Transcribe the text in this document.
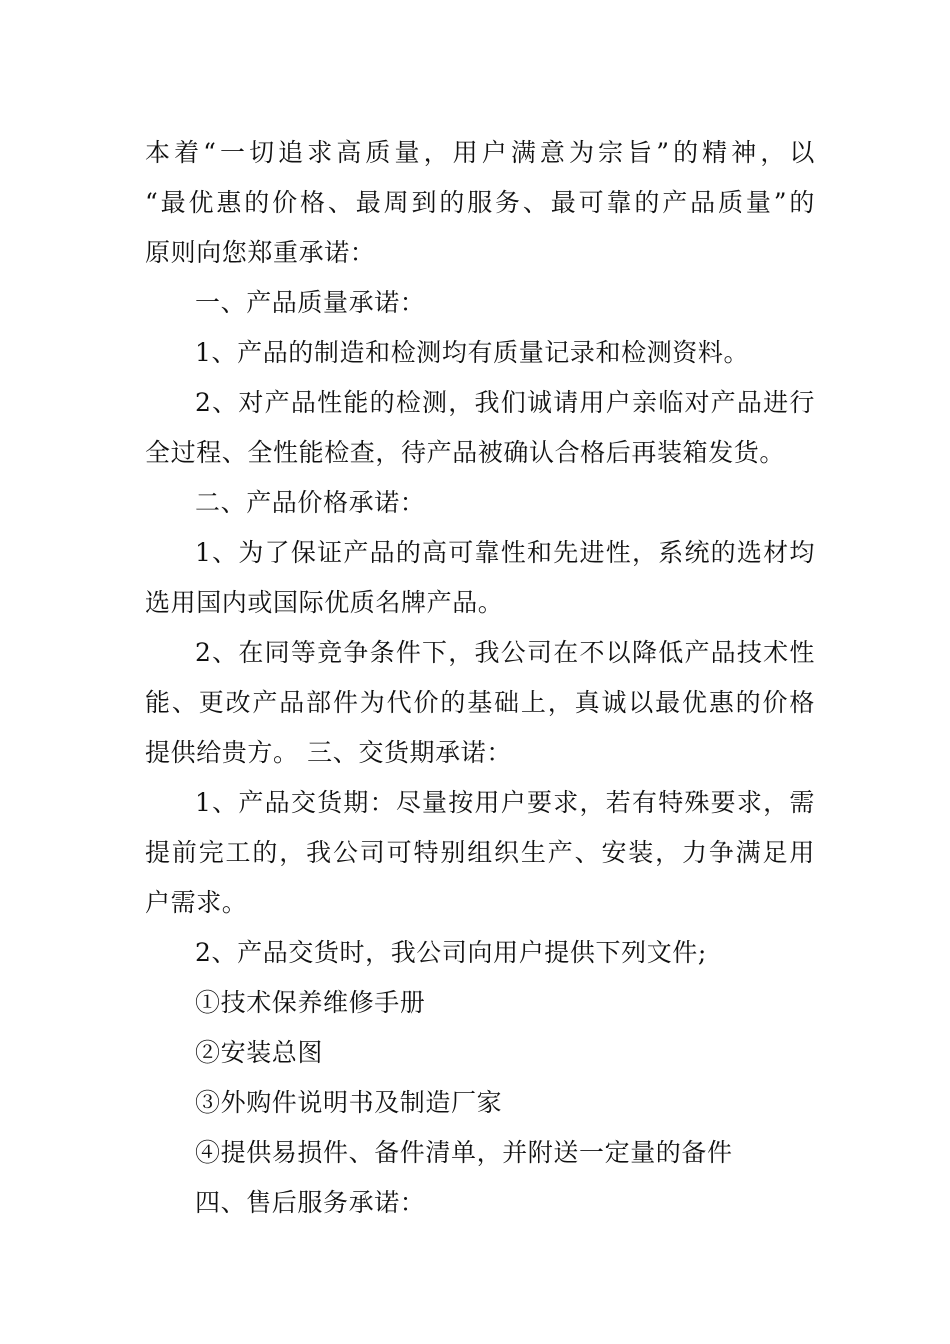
本着“一切追求高质量，用户满意为宗旨”的精神，以
“最优惠的价格、最周到的服务、最可靠的产品质量”的
原则向您郑重承诺：
一、产品质量承诺：
1、产品的制造和检测均有质量记录和检测资料。
2、对产品性能的检测，我们诚请用户亲临对产品进行
全过程、全性能检查，待产品被确认合格后再装箱发货。
二、产品价格承诺：
1、为了保证产品的高可靠性和先进性，系统的选材均
选用国内或国际优质名牌产品。
2、在同等竞争条件下，我公司在不以降低产品技术性
能、更改产品部件为代价的基础上，真诚以最优惠的价格
提供给贵方。 三、交货期承诺：
1、产品交货期：尽量按用户要求，若有特殊要求，需
提前完工的，我公司可特别组织生产、安装，力争满足用
户需求。
2、产品交货时，我公司向用户提供下列文件;
①技术保养维修手册
②安装总图
③外购件说明书及制造厂家
④提供易损件、备件清单，并附送一定量的备件
四、售后服务承诺：
